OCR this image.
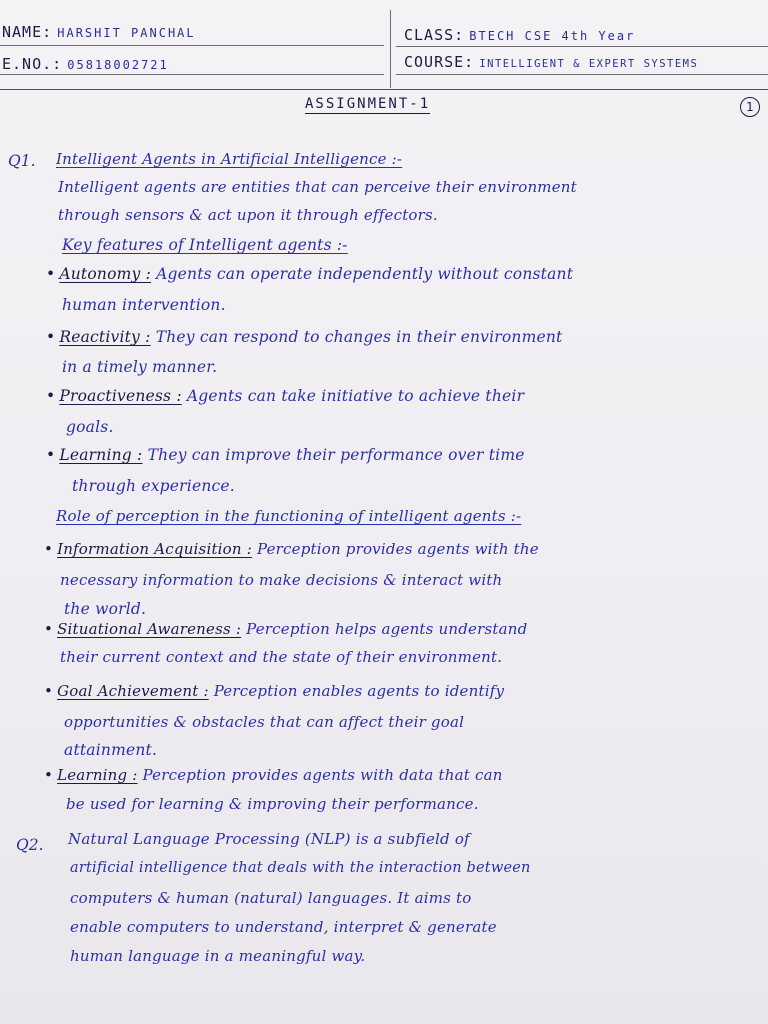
NAME: HARSHIT PANCHAL
E.NO.: 05818002721
CLASS: BTECH CSE 4th Year
COURSE: INTELLIGENT & EXPERT SYSTEMS
ASSIGNMENT-1	1
Q1. Intelligent Agents in Artificial Intelligence :-
Intelligent agents are entities that can perceive their environment
through sensors & act upon it through effectors.
Key features of Intelligent agents :-
• Autonomy : Agents can operate independently without constant
human intervention.
• Reactivity : They can respond to changes in their environment
in a timely manner.
• Proactiveness : Agents can take initiative to achieve their
goals.
• Learning : They can improve their performance over time
through experience.
Role of perception in the functioning of intelligent agents :-
• Information Acquisition : Perception provides agents with the
necessary information to make decisions & interact with
the world.
• Situational Awareness : Perception helps agents understand
their current context and the state of their environment.
• Goal Achievement : Perception enables agents to identify
opportunities & obstacles that can affect their goal
attainment.
• Learning : Perception provides agents with data that can
be used for learning & improving their performance.
Q2. Natural Language Processing (NLP) is a subfield of
artificial intelligence that deals with the interaction between
computers & human (natural) languages. It aims to
enable computers to understand, interpret & generate
human language in a meaningful way.
